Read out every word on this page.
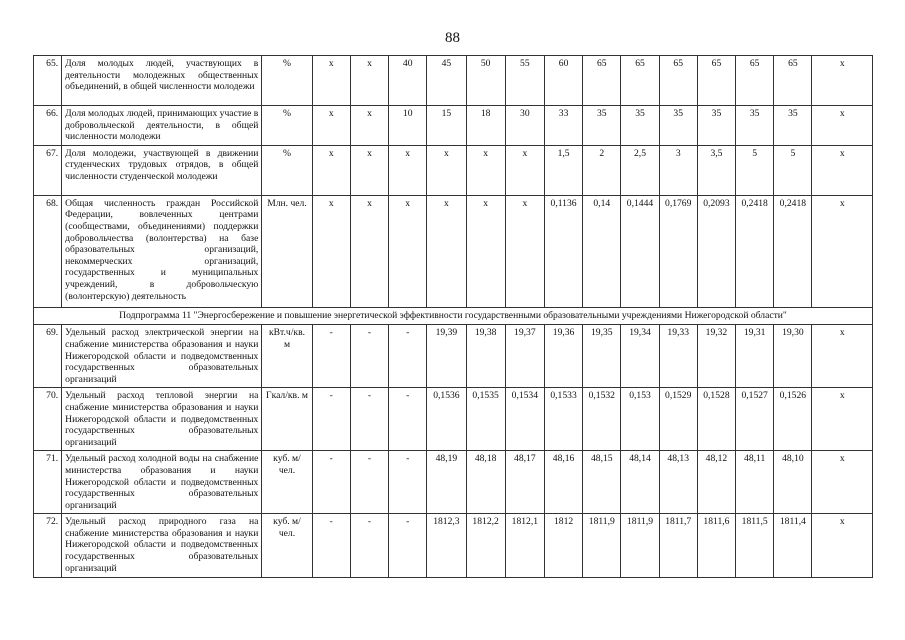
88
65.	Доля молодых людей, участвующих в деятельности молодежных общественных объединений, в общей численности молодежи	%	х	х	40	45	50	55	60	65	65	65	65	65	65	х
66.	Доля молодых людей, принимающих участие в добровольческой деятельности, в общей численности молодежи	%	х	х	10	15	18	30	33	35	35	35	35	35	35	х
67.	Доля молодежи, участвующей в движении студенческих трудовых отрядов, в общей численности студенческой молодежи	%	х	х	х	х	х	х	1,5	2	2,5	3	3,5	5	5	х
68.	Общая численность граждан Российской Федерации, вовлеченных центрами (сообществами, объединениями) поддержки добровольчества (волонтерства) на базе образовательных организаций, некоммерческих организаций, государственных и муниципальных учреждений, в добровольческую (волонтерскую) деятельность	Млн. чел.	х	х	х	х	х	х	0,1136	0,14	0,1444	0,1769	0,2093	0,2418	0,2418	х
Подпрограмма 11 "Энергосбережение и повышение энергетической эффективности государственными образовательными учреждениями Нижегородской области"																
69.	Удельный расход электрической энергии на снабжение министерства образования и науки Нижегородской области и подведомственных государственных образовательных организаций	кВт.ч/кв. м	-	-	-	19,39	19,38	19,37	19,36	19,35	19,34	19,33	19,32	19,31	19,30	х
70.	Удельный расход тепловой энергии на снабжение министерства образования и науки Нижегородской области и подведомственных государственных образовательных организаций	Гкал/кв. м	-	-	-	0,1536	0,1535	0,1534	0,1533	0,1532	0,153	0,1529	0,1528	0,1527	0,1526	х
71.	Удельный расход холодной воды на снабжение министерства образования и науки Нижегородской области и подведомственных государственных образовательных организаций	куб. м/чел.	-	-	-	48,19	48,18	48,17	48,16	48,15	48,14	48,13	48,12	48,11	48,10	х
72.	Удельный расход природного газа на снабжение министерства образования и науки Нижегородской области и подведомственных государственных образовательных организаций	куб. м/чел.	-	-	-	1812,3	1812,2	1812,1	1812	1811,9	1811,9	1811,7	1811,6	1811,5	1811,4	х
